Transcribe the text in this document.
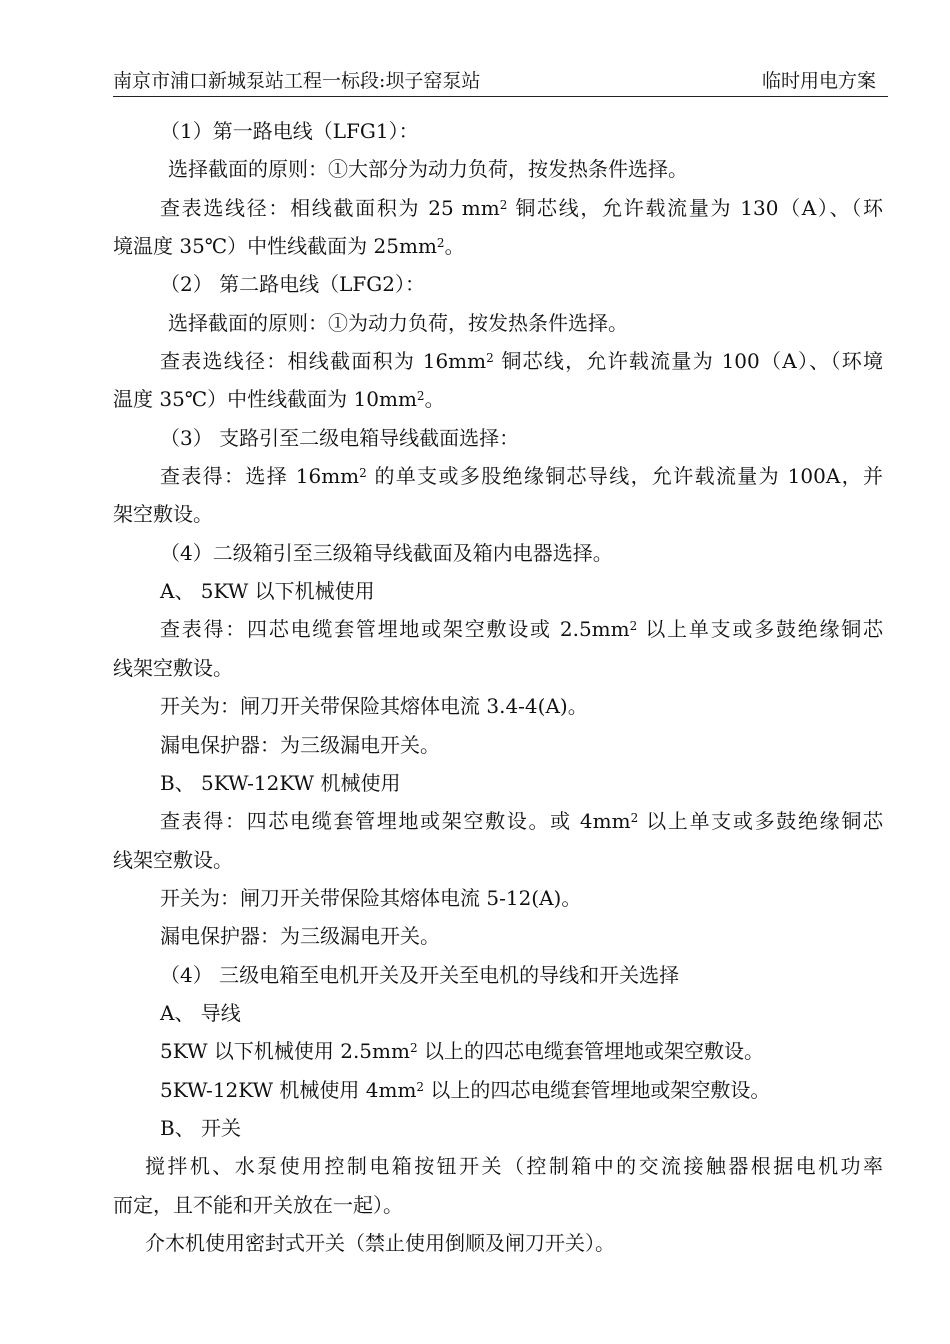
南京市浦口新城泵站工程一标段:坝子窑泵站	临时用电方案
（1）第一路电线（LFG1）：
选择截面的原则：①大部分为动力负荷，按发热条件选择。
查表选线径：相线截面积为 25 $mm^2$ 铜芯线，允许载流量为 130（A）、（环
境温度 35℃）中性线截面为 $25mm^2$。
（2） 第二路电线（LFG2）：
选择截面的原则：①为动力负荷，按发热条件选择。
查表选线径：相线截面积为 $16mm^2$ 铜芯线，允许载流量为 100（A）、（环境
温度 35℃）中性线截面为 $10mm^2$。
（3） 支路引至二级电箱导线截面选择：
查表得：选择 $16mm^2$ 的单支或多股绝缘铜芯导线，允许载流量为 100A，并
架空敷设。
（4）二级箱引至三级箱导线截面及箱内电器选择。
A、 5KW 以下机械使用
查表得：四芯电缆套管埋地或架空敷设或 $2.5mm^2$ 以上单支或多鼓绝缘铜芯
线架空敷设。
开关为：闸刀开关带保险其熔体电流 3.4-4(A)。
漏电保护器：为三级漏电开关。
B、 5KW-12KW 机械使用
查表得：四芯电缆套管埋地或架空敷设。或 $4mm^2$ 以上单支或多鼓绝缘铜芯
线架空敷设。
开关为：闸刀开关带保险其熔体电流 5-12(A)。
漏电保护器：为三级漏电开关。
（4） 三级电箱至电机开关及开关至电机的导线和开关选择
A、 导线
5KW 以下机械使用 $2.5mm^2$ 以上的四芯电缆套管埋地或架空敷设。
5KW-12KW 机械使用 $4mm^2$ 以上的四芯电缆套管埋地或架空敷设。
B、 开关
搅拌机、水泵使用控制电箱按钮开关（控制箱中的交流接触器根据电机功率
而定，且不能和开关放在一起）。
介木机使用密封式开关（禁止使用倒顺及闸刀开关）。
